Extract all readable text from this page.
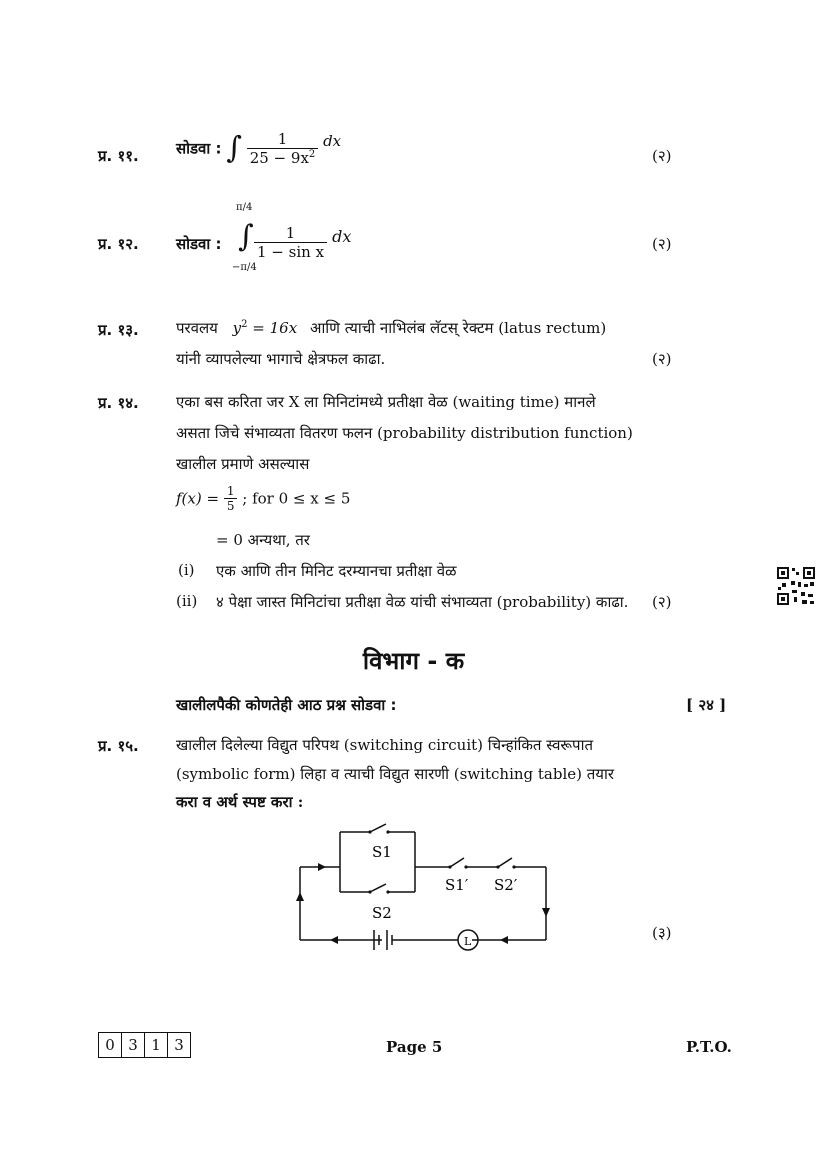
प्र. ११. सोडवा : ∫ $\frac{1}{25 - 9x^2}$ dx
(२)
प्र. १२. सोडवा :
π/4
∫
−π/4
$\frac{1}{\text{1 − sin x}}$ dx	(२)
प्र. १३. परवलय $y^2 = 16x$ आणि त्याची नाभिलंब लॅटस् रेक्टम (latus rectum)
यांनी व्यापलेल्या भागाचे क्षेत्रफल काढा.	(२)
प्र. १४. एका बस करिता जर X ला मिनिटांमध्ये प्रतीक्षा वेळ (waiting time) मानले
असता जिचे संभाव्यता वितरण फलन (probability distribution function)
खालील प्रमाणे असल्यास
$f(x) = \frac{1}{5}$ ; for 0 ≤ x ≤ 5
= 0 अन्यथा, तर
(i) एक आणि तीन मिनिट दरम्यानचा प्रतीक्षा वेळ
(ii) ४ पेक्षा जास्त मिनिटांचा प्रतीक्षा वेळ यांची संभाव्यता (probability) काढा. (२)
विभाग - क
खालीलपैकी कोणतेही आठ प्रश्न सोडवा :	[ २४ ]
प्र. १५. खालील दिलेल्या विद्युत परिपथ (switching circuit) चिन्हांकित स्वरूपात
(symbolic form) लिहा व त्याची विद्युत सारणी (switching table) तयार
करा व अर्थ स्पष्ट करा :
S1
S2
S1′ S2′
L	(३)
0 3 1 3	Page 5	P.T.O.
